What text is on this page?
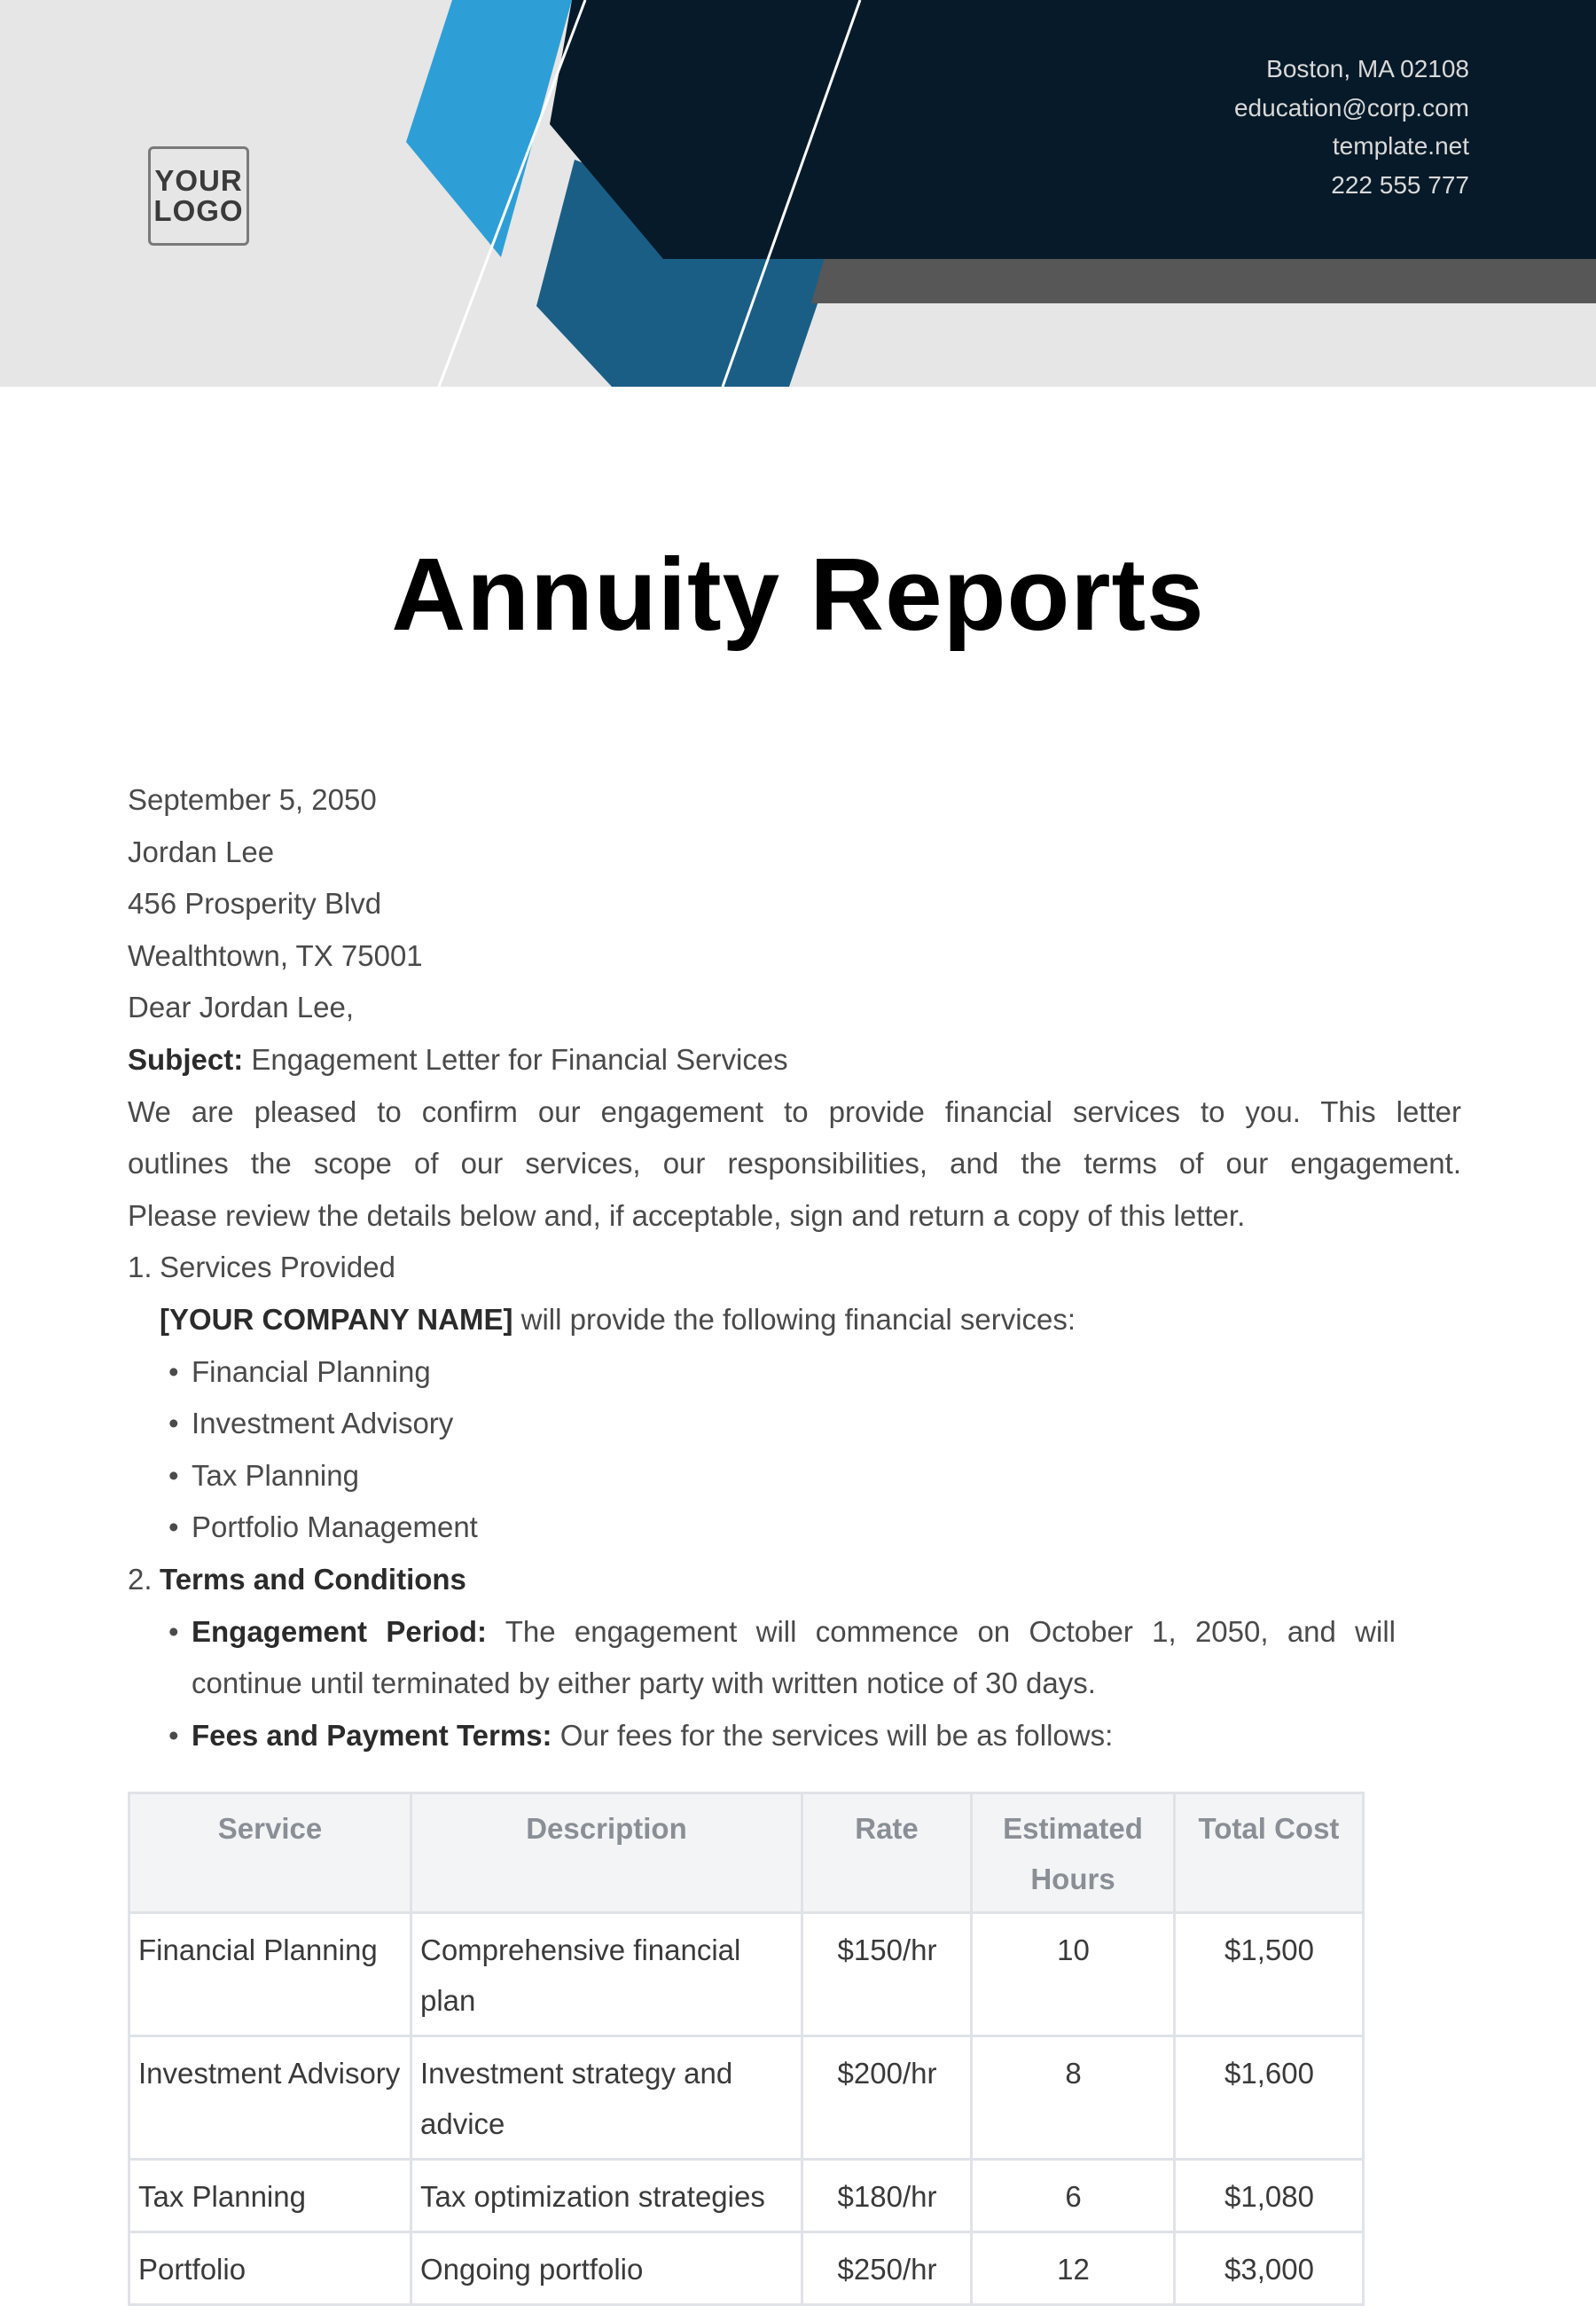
YOUR
LOGO
Boston, MA 02108
education@corp.com
template.net
222 555 777
Annuity Reports
September 5, 2050
Jordan Lee
456 Prosperity Blvd
Wealthtown, TX 75001
Dear Jordan Lee,
Subject: Engagement Letter for Financial Services
We are pleased to confirm our engagement to provide financial services to you. This letter
outlines the scope of our services, our responsibilities, and the terms of our engagement.
Please review the details below and, if acceptable, sign and return a copy of this letter.
1. Services Provided
[YOUR COMPANY NAME] will provide the following financial services:
• Financial Planning
• Investment Advisory
• Tax Planning
• Portfolio Management
2. Terms and Conditions
• Engagement Period: The engagement will commence on October 1, 2050, and will
continue until terminated by either party with written notice of 30 days.
• Fees and Payment Terms: Our fees for the services will be as follows:
Service	Description	Rate	Estimated Hours	Total Cost
Financial Planning	Comprehensive financial plan	$150/hr	10	$1,500
Investment Advisory	Investment strategy and advice	$200/hr	8	$1,600
Tax Planning	Tax optimization strategies	$180/hr	6	$1,080
Portfolio	Ongoing portfolio	$250/hr	12	$3,000
